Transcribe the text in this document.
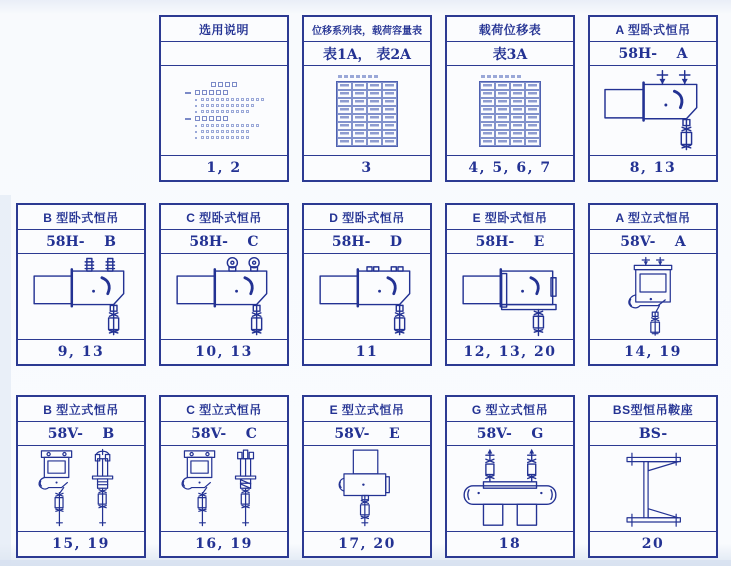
选用说明
1, 2
位移系列表，载荷容量表
表1A， 表2A
3
载荷位移表
表3A
4, 5, 6, 7
A 型卧式恒吊
58H-    A
8, 13
B 型卧式恒吊
58H-    B
9, 13
C 型卧式恒吊
58H-    C
10, 13
D 型卧式恒吊
58H-    D
11
E 型卧式恒吊
58H-    E
12, 13, 20
A 型立式恒吊
58V-    A
14, 19
B 型立式恒吊
58V-    B
15, 19
C 型立式恒吊
58V-    C
16, 19
E 型立式恒吊
58V-    E
17, 20
G 型立式恒吊
58V-    G
18
BS型恒吊鞍座
BS-
20
